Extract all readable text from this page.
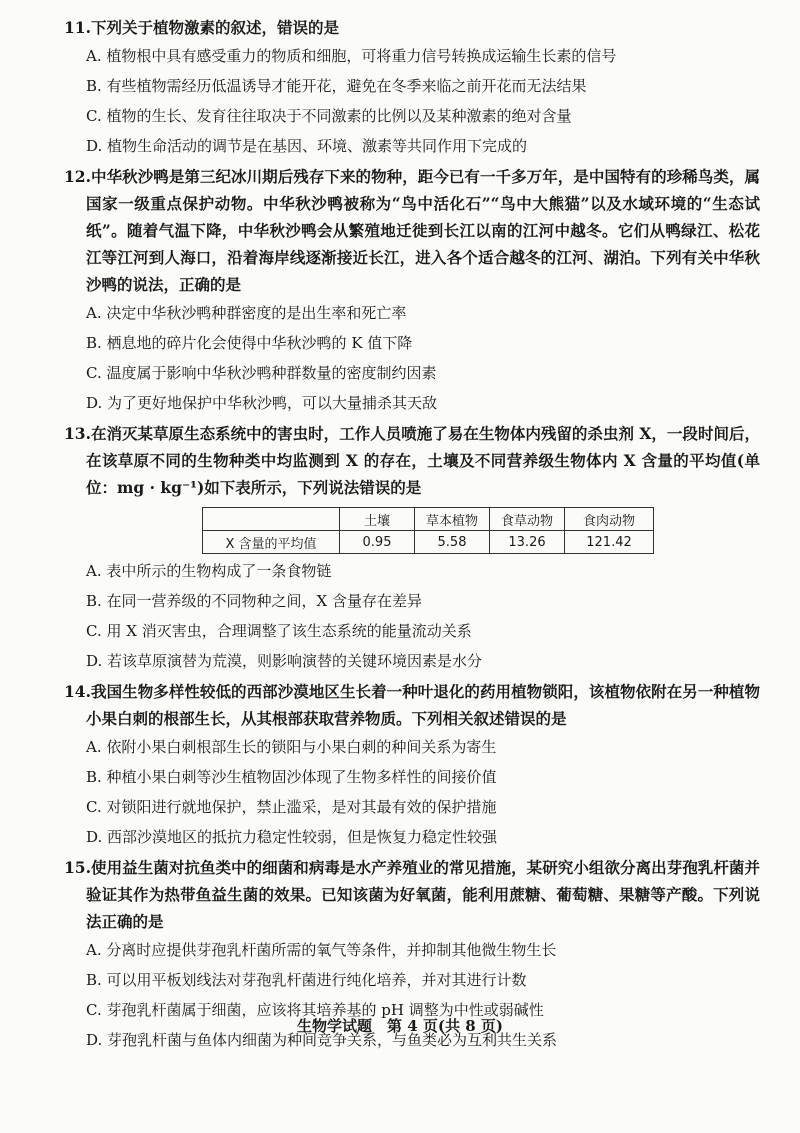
11.下列关于植物激素的叙述，错误的是
A. 植物根中具有感受重力的物质和细胞，可将重力信号转换成运输生长素的信号
B. 有些植物需经历低温诱导才能开花，避免在冬季来临之前开花而无法结果
C. 植物的生长、发育往往取决于不同激素的比例以及某种激素的绝对含量
D. 植物生命活动的调节是在基因、环境、激素等共同作用下完成的
12.中华秋沙鸭是第三纪冰川期后残存下来的物种，距今已有一千多万年，是中国特有的珍稀鸟类，属国家一级重点保护动物。中华秋沙鸭被称为“鸟中活化石”“鸟中大熊猫”以及水域环境的“生态试纸”。随着气温下降，中华秋沙鸭会从繁殖地迁徙到长江以南的江河中越冬。它们从鸭绿江、松花江等江河到人海口，沿着海岸线逐渐接近长江，进入各个适合越冬的江河、湖泊。下列有关中华秋沙鸭的说法，正确的是
A. 决定中华秋沙鸭种群密度的是出生率和死亡率
B. 栖息地的碎片化会使得中华秋沙鸭的 K 值下降
C. 温度属于影响中华秋沙鸭种群数量的密度制约因素
D. 为了更好地保护中华秋沙鸭，可以大量捕杀其天敌
13.在消灭某草原生态系统中的害虫时，工作人员喷施了易在生物体内残留的杀虫剂 X，一段时间后，在该草原不同的生物种类中均监测到 X 的存在，土壤及不同营养级生物体内 X 含量的平均值(单位：mg · kg⁻¹)如下表所示，下列说法错误的是
	土壤	草本植物	食草动物	食肉动物
X 含量的平均值	0.95	5.58	13.26	121.42
A. 表中所示的生物构成了一条食物链
B. 在同一营养级的不同物种之间，X 含量存在差异
C. 用 X 消灭害虫，合理调整了该生态系统的能量流动关系
D. 若该草原演替为荒漠，则影响演替的关键环境因素是水分
14.我国生物多样性较低的西部沙漠地区生长着一种叶退化的药用植物锁阳，该植物依附在另一种植物小果白刺的根部生长，从其根部获取营养物质。下列相关叙述错误的是
A. 依附小果白刺根部生长的锁阳与小果白刺的种间关系为寄生
B. 种植小果白刺等沙生植物固沙体现了生物多样性的间接价值
C. 对锁阳进行就地保护，禁止滥采，是对其最有效的保护措施
D. 西部沙漠地区的抵抗力稳定性较弱，但是恢复力稳定性较强
15.使用益生菌对抗鱼类中的细菌和病毒是水产养殖业的常见措施，某研究小组欲分离出芽孢乳杆菌并验证其作为热带鱼益生菌的效果。已知该菌为好氧菌，能利用蔗糖、葡萄糖、果糖等产酸。下列说法正确的是
A. 分离时应提供芽孢乳杆菌所需的氧气等条件，并抑制其他微生物生长
B. 可以用平板划线法对芽孢乳杆菌进行纯化培养，并对其进行计数
C. 芽孢乳杆菌属于细菌，应该将其培养基的 pH 调整为中性或弱碱性
D. 芽孢乳杆菌与鱼体内细菌为种间竞争关系，与鱼类必为互利共生关系
生物学试题　第 4 页(共 8 页)
